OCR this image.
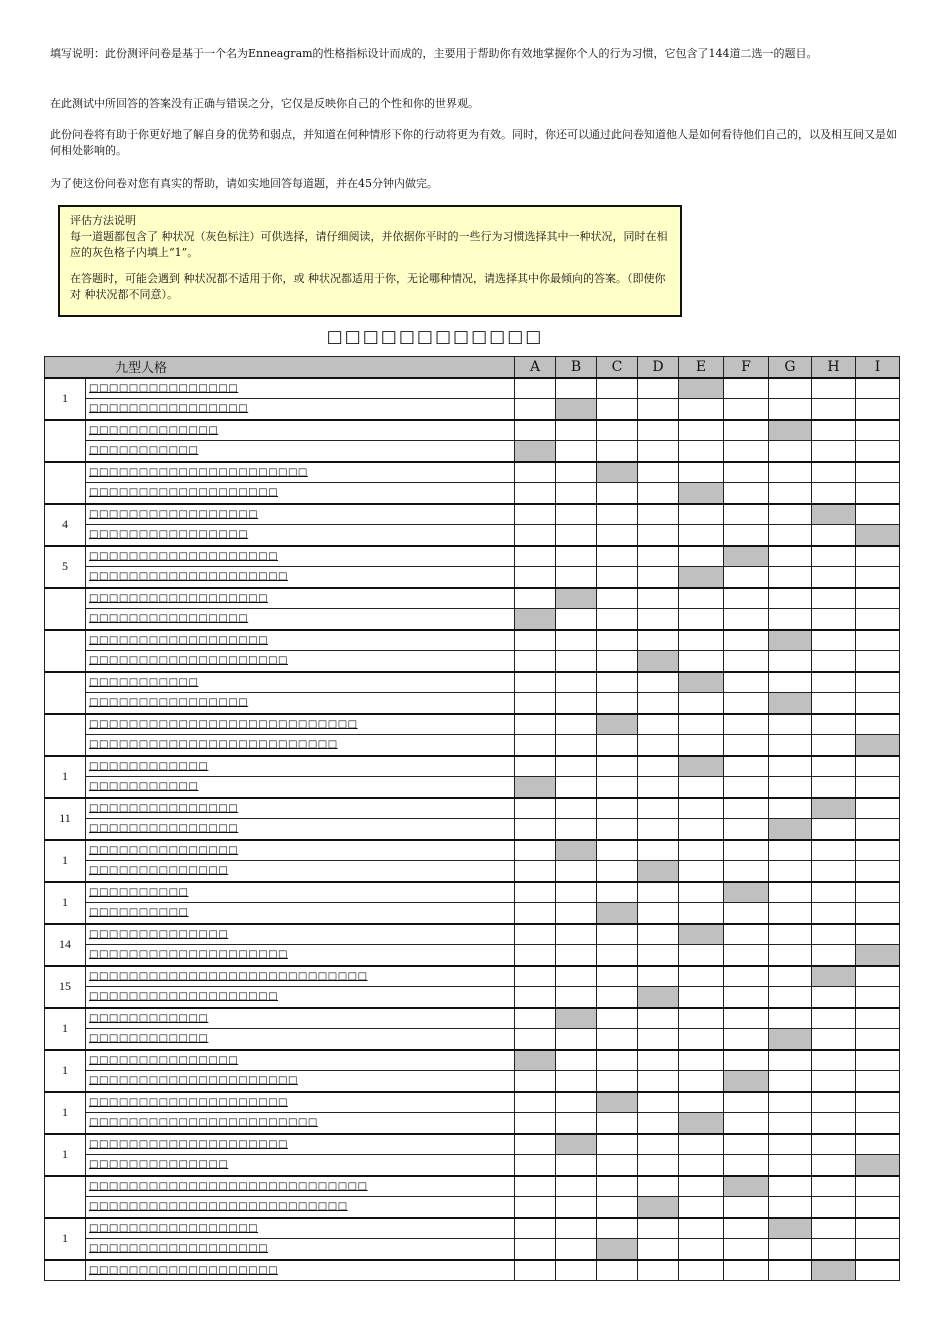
填写说明：此份测评问卷是基于一个名为Enneagram的性格指标设计而成的，主要用于帮助你有效地掌握你个人的行为习惯，它包含了144道二选一的题目。
在此测试中所回答的答案没有正确与错误之分，它仅是反映你自己的个性和你的世界观。
此份问卷将有助于你更好地了解自身的优势和弱点，并知道在何种情形下你的行动将更为有效。同时，你还可以通过此问卷知道他人是如何看待他们自己的，以及相互间又是如何相处影响的。
为了使这份问卷对您有真实的帮助，请如实地回答每道题，并在45分钟内做完。
评估方法说明
每一道题都包含了 种状况（灰色标注）可供选择，请仔细阅读，并依据你平时的一些行为习惯选择其中一种状况，同时在相应的灰色格子内填上“1”。
在答题时，可能会遇到 种状况都不适用于你，或 种状况都适用于你，无论哪种情况，请选择其中你最倾向的答案。（即使你对 种状况都不同意）。
□□□□□□□□□□□□
九型人格		A	B	C	D	E	F	G	H	I
1	□□□□□□□□□□□□□□□									
	□□□□□□□□□□□□□□□□									
	□□□□□□□□□□□□□									
	□□□□□□□□□□□									
	□□□□□□□□□□□□□□□□□□□□□□									
	□□□□□□□□□□□□□□□□□□□									
4	□□□□□□□□□□□□□□□□□									
	□□□□□□□□□□□□□□□□									
5	□□□□□□□□□□□□□□□□□□□									
	□□□□□□□□□□□□□□□□□□□□									
	□□□□□□□□□□□□□□□□□□									
	□□□□□□□□□□□□□□□□									
	□□□□□□□□□□□□□□□□□□									
	□□□□□□□□□□□□□□□□□□□□									
	□□□□□□□□□□□									
	□□□□□□□□□□□□□□□□									
	□□□□□□□□□□□□□□□□□□□□□□□□□□□									
	□□□□□□□□□□□□□□□□□□□□□□□□□									
1	□□□□□□□□□□□□									
	□□□□□□□□□□□									
11	□□□□□□□□□□□□□□□									
	□□□□□□□□□□□□□□□									
1	□□□□□□□□□□□□□□□									
	□□□□□□□□□□□□□□									
1	□□□□□□□□□□									
	□□□□□□□□□□									
14	□□□□□□□□□□□□□□									
	□□□□□□□□□□□□□□□□□□□□									
15	□□□□□□□□□□□□□□□□□□□□□□□□□□□□									
	□□□□□□□□□□□□□□□□□□□									
1	□□□□□□□□□□□□									
	□□□□□□□□□□□□									
1	□□□□□□□□□□□□□□□									
	□□□□□□□□□□□□□□□□□□□□□									
1	□□□□□□□□□□□□□□□□□□□□									
	□□□□□□□□□□□□□□□□□□□□□□□									
1	□□□□□□□□□□□□□□□□□□□□									
	□□□□□□□□□□□□□□									
	□□□□□□□□□□□□□□□□□□□□□□□□□□□□									
	□□□□□□□□□□□□□□□□□□□□□□□□□□									
1	□□□□□□□□□□□□□□□□□									
	□□□□□□□□□□□□□□□□□□									
	□□□□□□□□□□□□□□□□□□□									
